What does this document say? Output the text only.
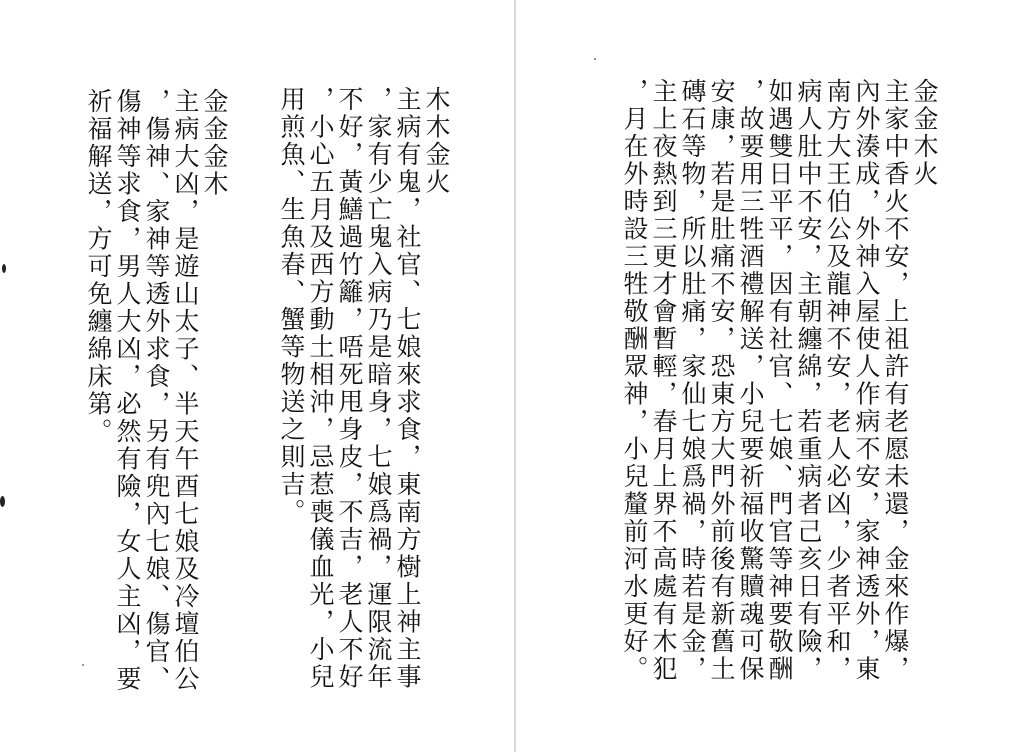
金金木火
主家中香火不安，上祖許有老愿未還，金來作爆，
內外湊成，外神入屋使人作病不安，家神透外，東
南方大王伯公及龍神不安，老人必凶，少者平和，
病人肚中不安，主朝纏綿，若重病者己亥日有險，
如遇雙日平平，因有社官、七娘、門官等神要敬酬
，故要用三牲酒禮解送，小兒要祈福收驚贖魂可保
安康，若是肚痛不安，恐東方大門外前後有新舊土
磚石等物，所以肚痛，家仙七娘爲禍，時若是金，
主上夜熱到三更才會暫輕，春月上界不高處有木犯
，月在外時設三牲敬酬眾神，小兒釐前河水更好。
木木金火
主病有鬼，社官、七娘來求食，東南方樹上神主事
，家有少亡鬼入病乃是暗身，七娘爲禍，運限流年
不好，黃鱔過竹籬，唔死甩身皮，不吉，老人不好
，小心五月及西方動土相沖，忌惹喪儀血光，小兒
用煎魚、生魚春、蟹等物送之則吉。
金金金木
主病大凶，是遊山太子、半天午酉七娘及冷壇伯公
，傷神、家神等透外求食，另有兜內七娘、傷官、
傷神等求食，男人大凶，必然有險，女人主凶，要
祈福解送，方可免纏綿床第。
